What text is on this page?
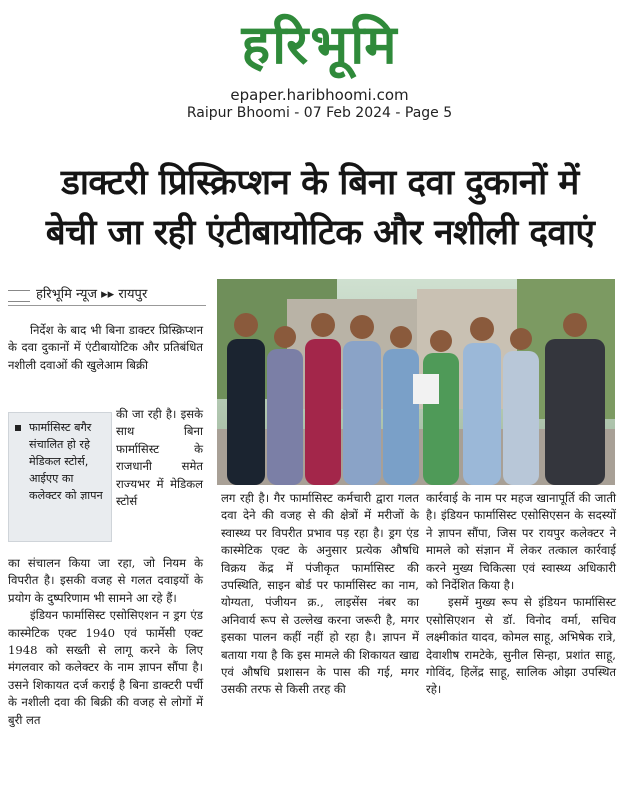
हरिभूमि
epaper.haribhoomi.com
Raipur Bhoomi - 07 Feb 2024 - Page 5
डाक्टरी प्रिस्क्रिप्शन के बिना दवा दुकानों में
बेची जा रही एंटीबायोटिक और नशीली दवाएं
हरिभूमि न्यूज ▸▸ रायपुर

निर्देश के बाद भी बिना डाक्टर प्रिस्क्रिप्शन के दवा दुकानों में एंटीबायोटिक और प्रतिबंधित नशीली दवाओं की खुलेआम बिक्री

फार्मासिस्ट बगैर संचालित हो रहे मेडिकल स्टोर्स, आईएए का कलेक्टर को ज्ञापन

की जा रही है। इसके साथ बिना फार्मासिस्ट के राजधानी समेत राज्यभर में मेडिकल स्टोर्स

का संचालन किया जा रहा, जो नियम के विपरीत है। इसकी वजह से गलत दवाइयों के प्रयोग के दुष्परिणाम भी सामने आ रहे हैं।

इंडियन फार्मासिस्ट एसोसिएशन न ड्रग एंड कास्मेटिक एक्ट 1940 एवं फार्मेसी एक्ट 1948 को सख्ती से लागू करने के लिए मंगलवार को कलेक्टर के नाम ज्ञापन सौंपा है। उसने शिकायत दर्ज कराई है बिना डाक्टरी पर्ची के नशीली दवा की बिक्री की वजह से लोगों में बुरी लत

लग रही है। गैर फार्मासिस्ट कर्मचारी द्वारा गलत दवा देने की वजह से की क्षेत्रों में मरीजों के स्वास्थ्य पर विपरीत प्रभाव पड़ रहा है। ड्रग एंड कास्मेटिक एक्ट के अनुसार प्रत्येक औषधि विक्रय केंद्र में पंजीकृत फार्मासिस्ट की उपस्थिति, साइन बोर्ड पर फार्मासिस्ट का नाम, योग्यता, पंजीयन क्र., लाइसेंस नंबर का अनिवार्य रूप से उल्लेख करना जरूरी है, मगर इसका पालन कहीं नहीं हो रहा है। ज्ञापन में बताया गया है कि इस मामले की शिकायत खाद्य एवं औषधि प्रशासन के पास की गई, मगर उसकी तरफ से किसी तरह की

कार्रवाई के नाम पर महज खानापूर्ति की जाती है। इंडियन फार्मासिस्ट एसोसिएसन के सदस्यों ने ज्ञापन सौंपा, जिस पर रायपुर कलेक्टर ने मामले को संज्ञान में लेकर तत्काल कार्रवाई करने मुख्य चिकित्सा एवं स्वास्थ्य अधिकारी को निर्देशित किया है।

इसमें मुख्य रूप से इंडियन फार्मासिस्ट एसोसिएशन से डॉ. विनोद वर्मा, सचिव लक्ष्मीकांत यादव, कोमल साहू, अभिषेक रात्रे, देवाशीष रामटेके, सुनील सिन्हा, प्रशांत साहू, गोविंद, हिलेंद्र साहू, सालिक ओझा उपस्थित रहे।
